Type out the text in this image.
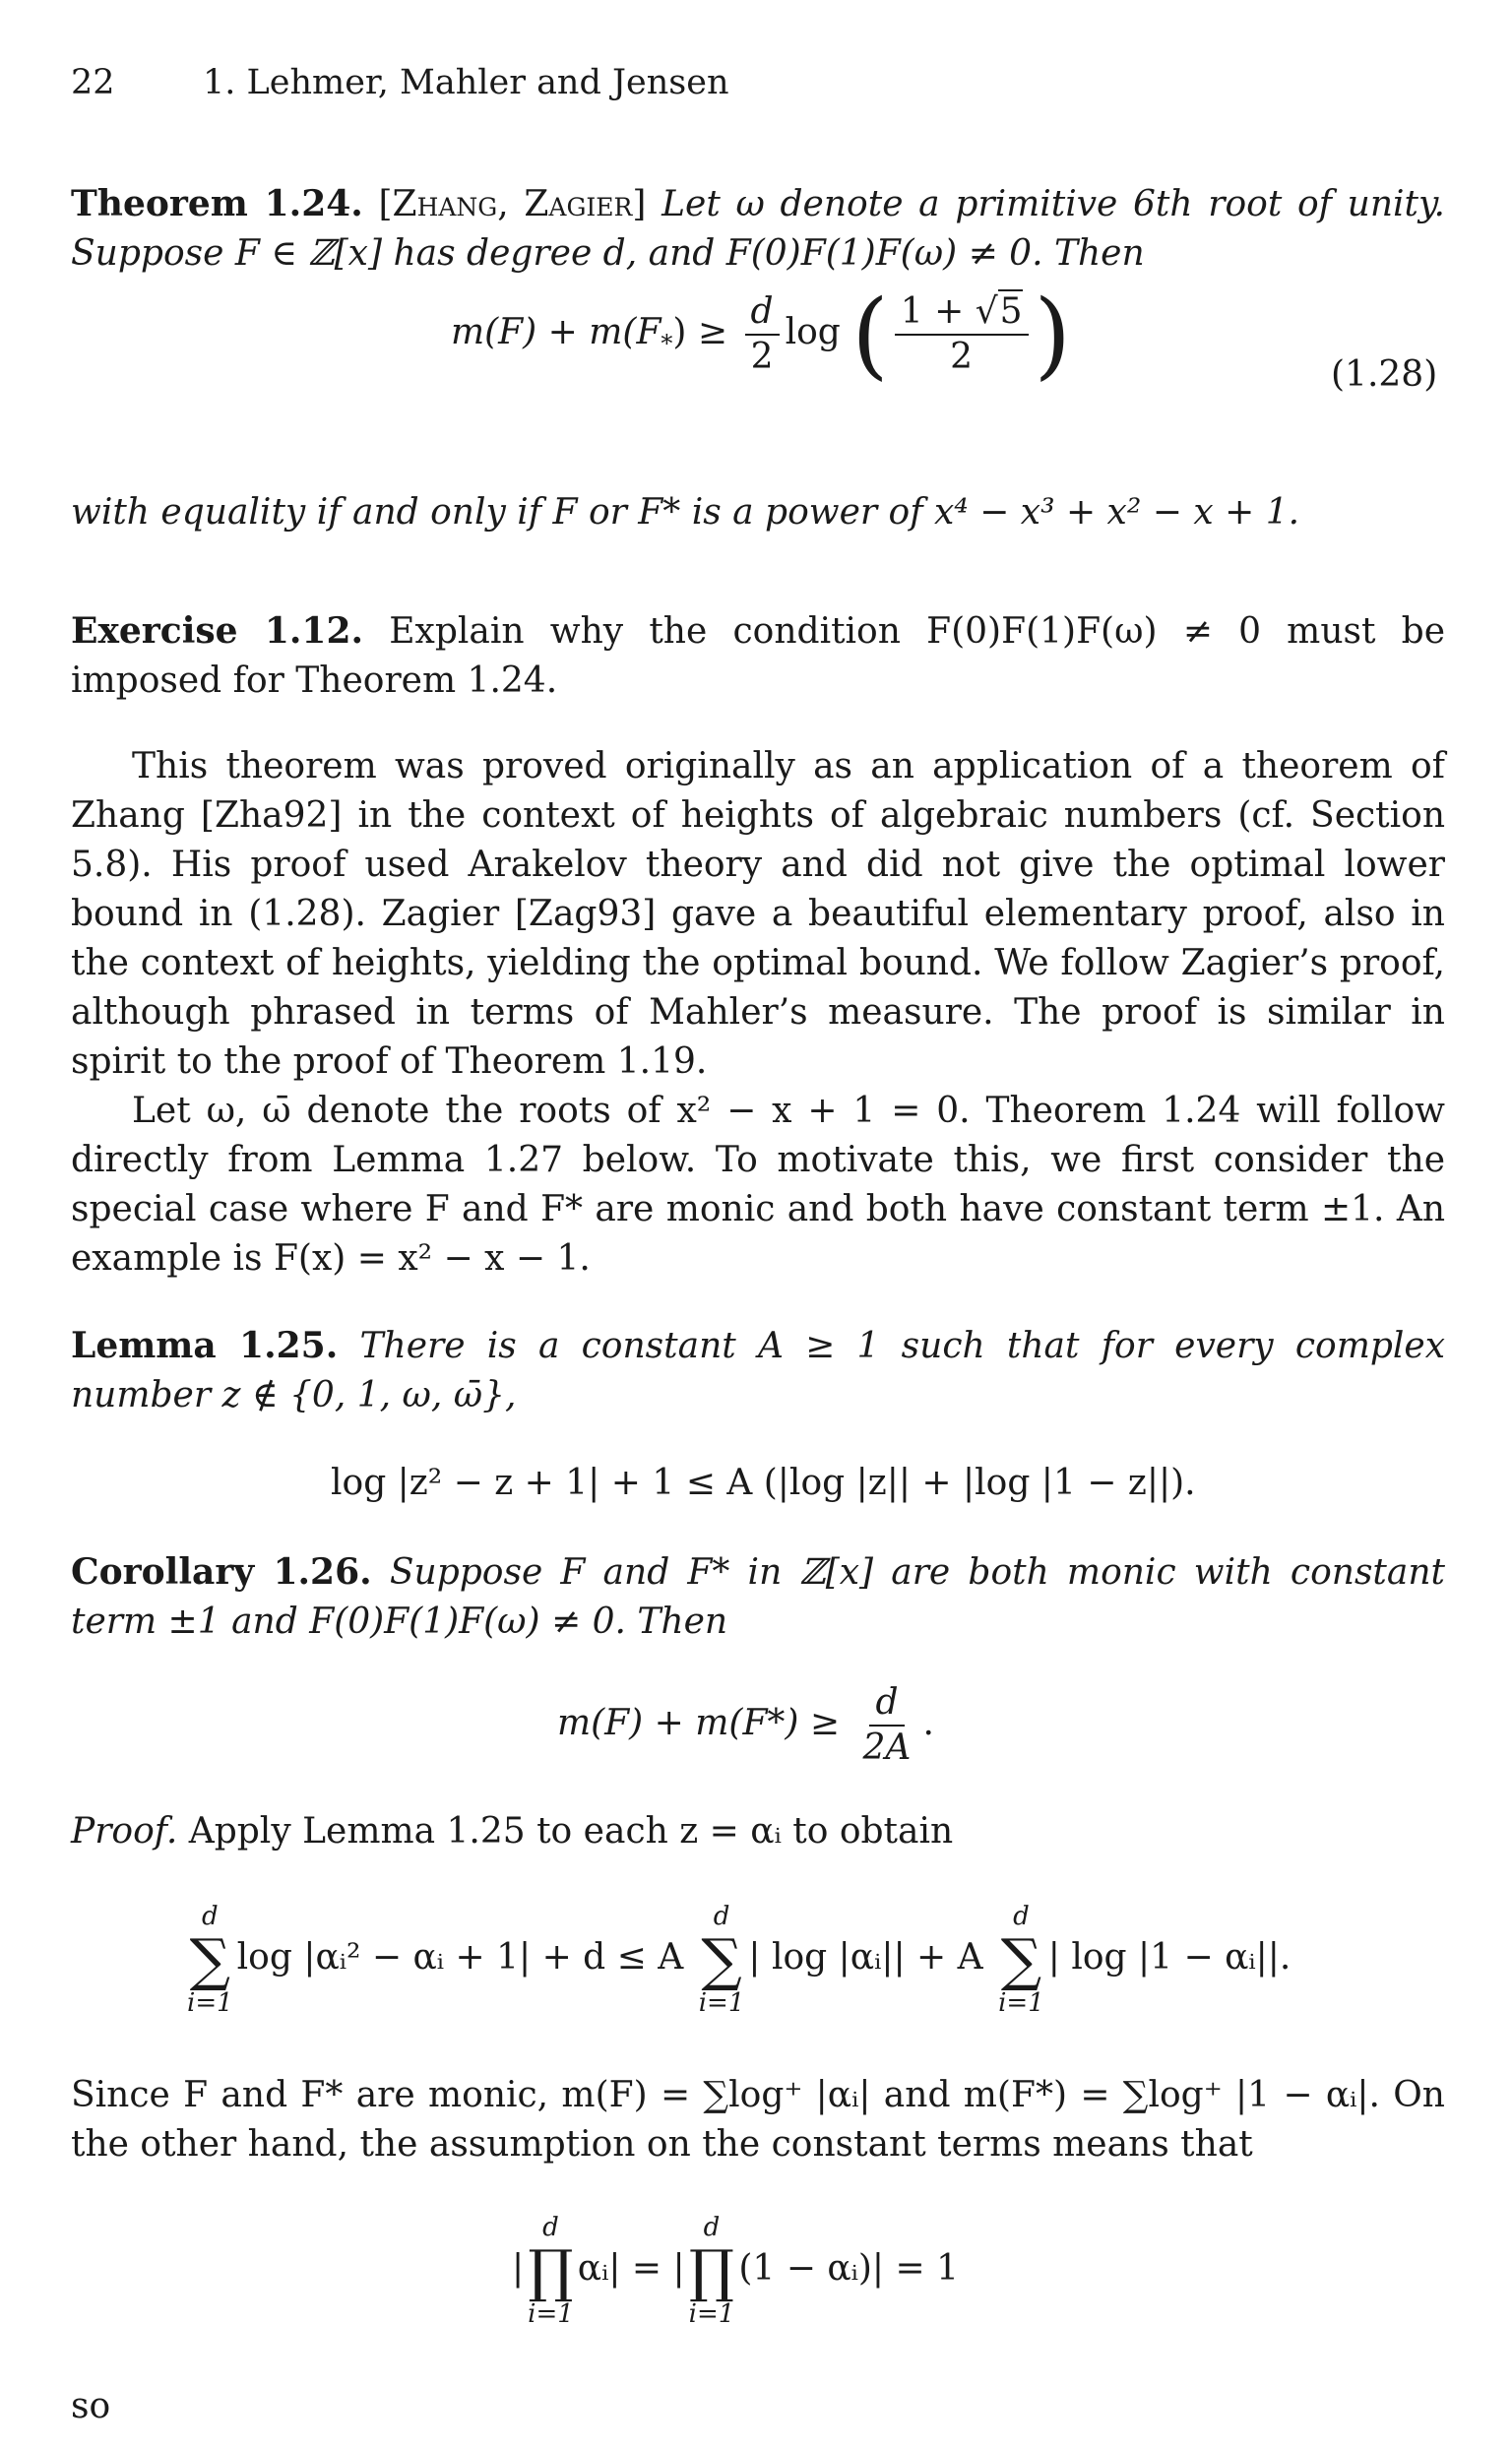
22	1. Lehmer, Mahler and Jensen

Theorem 1.24. [Zhang, Zagier] Let ω denote a primitive 6th root of unity. Suppose F ∈ ℤ[x] has degree d, and F(0)F(1)F(ω) ≠ 0. Then

$m(F) + m(F_*) \ge \frac{d}{2}$ log ( $\frac{1 + √5}{2}$ )	(1.28)

with equality if and only if F or F* is a power of x⁴ − x³ + x² − x + 1.

Exercise 1.12. Explain why the condition F(0)F(1)F(ω) ≠ 0 must be imposed for Theorem 1.24.

This theorem was proved originally as an application of a theorem of Zhang [Zha92] in the context of heights of algebraic numbers (cf. Section 5.8). His proof used Arakelov theory and did not give the optimal lower bound in (1.28). Zagier [Zag93] gave a beautiful elementary proof, also in the context of heights, yielding the optimal bound. We follow Zagier’s proof, although phrased in terms of Mahler’s measure. The proof is similar in spirit to the proof of Theorem 1.19.

Let ω, ω̄ denote the roots of x² − x + 1 = 0. Theorem 1.24 will follow directly from Lemma 1.27 below. To motivate this, we first consider the special case where F and F* are monic and both have constant term ±1. An example is F(x) = x² − x − 1.

Lemma 1.25. There is a constant A ≥ 1 such that for every complex number z ∉ {0, 1, ω, ω̄},

log |z² − z + 1| + 1 ≤ A (|log |z|| + |log |1 − z||).

Corollary 1.26. Suppose F and F* in ℤ[x] are both monic with constant term ±1 and F(0)F(1)F(ω) ≠ 0. Then

$m(F) + m(F*) \ge \frac{d}{2A}$ .

Proof. Apply Lemma 1.25 to each z = αᵢ to obtain

d
∑
i=1
log |αᵢ² − αᵢ + 1| + d ≤ A
d
∑
i=1
| log |αᵢ|| + A
d
∑
i=1
| log |1 − αᵢ||.

Since F and F* are monic, m(F) = ∑log⁺ |αᵢ| and m(F*) = ∑log⁺ |1 − αᵢ|. On the other hand, the assumption on the constant terms means that

|
d
∏
i=1
αᵢ| = |
d
∏
i=1
(1 − αᵢ)| = 1

so
